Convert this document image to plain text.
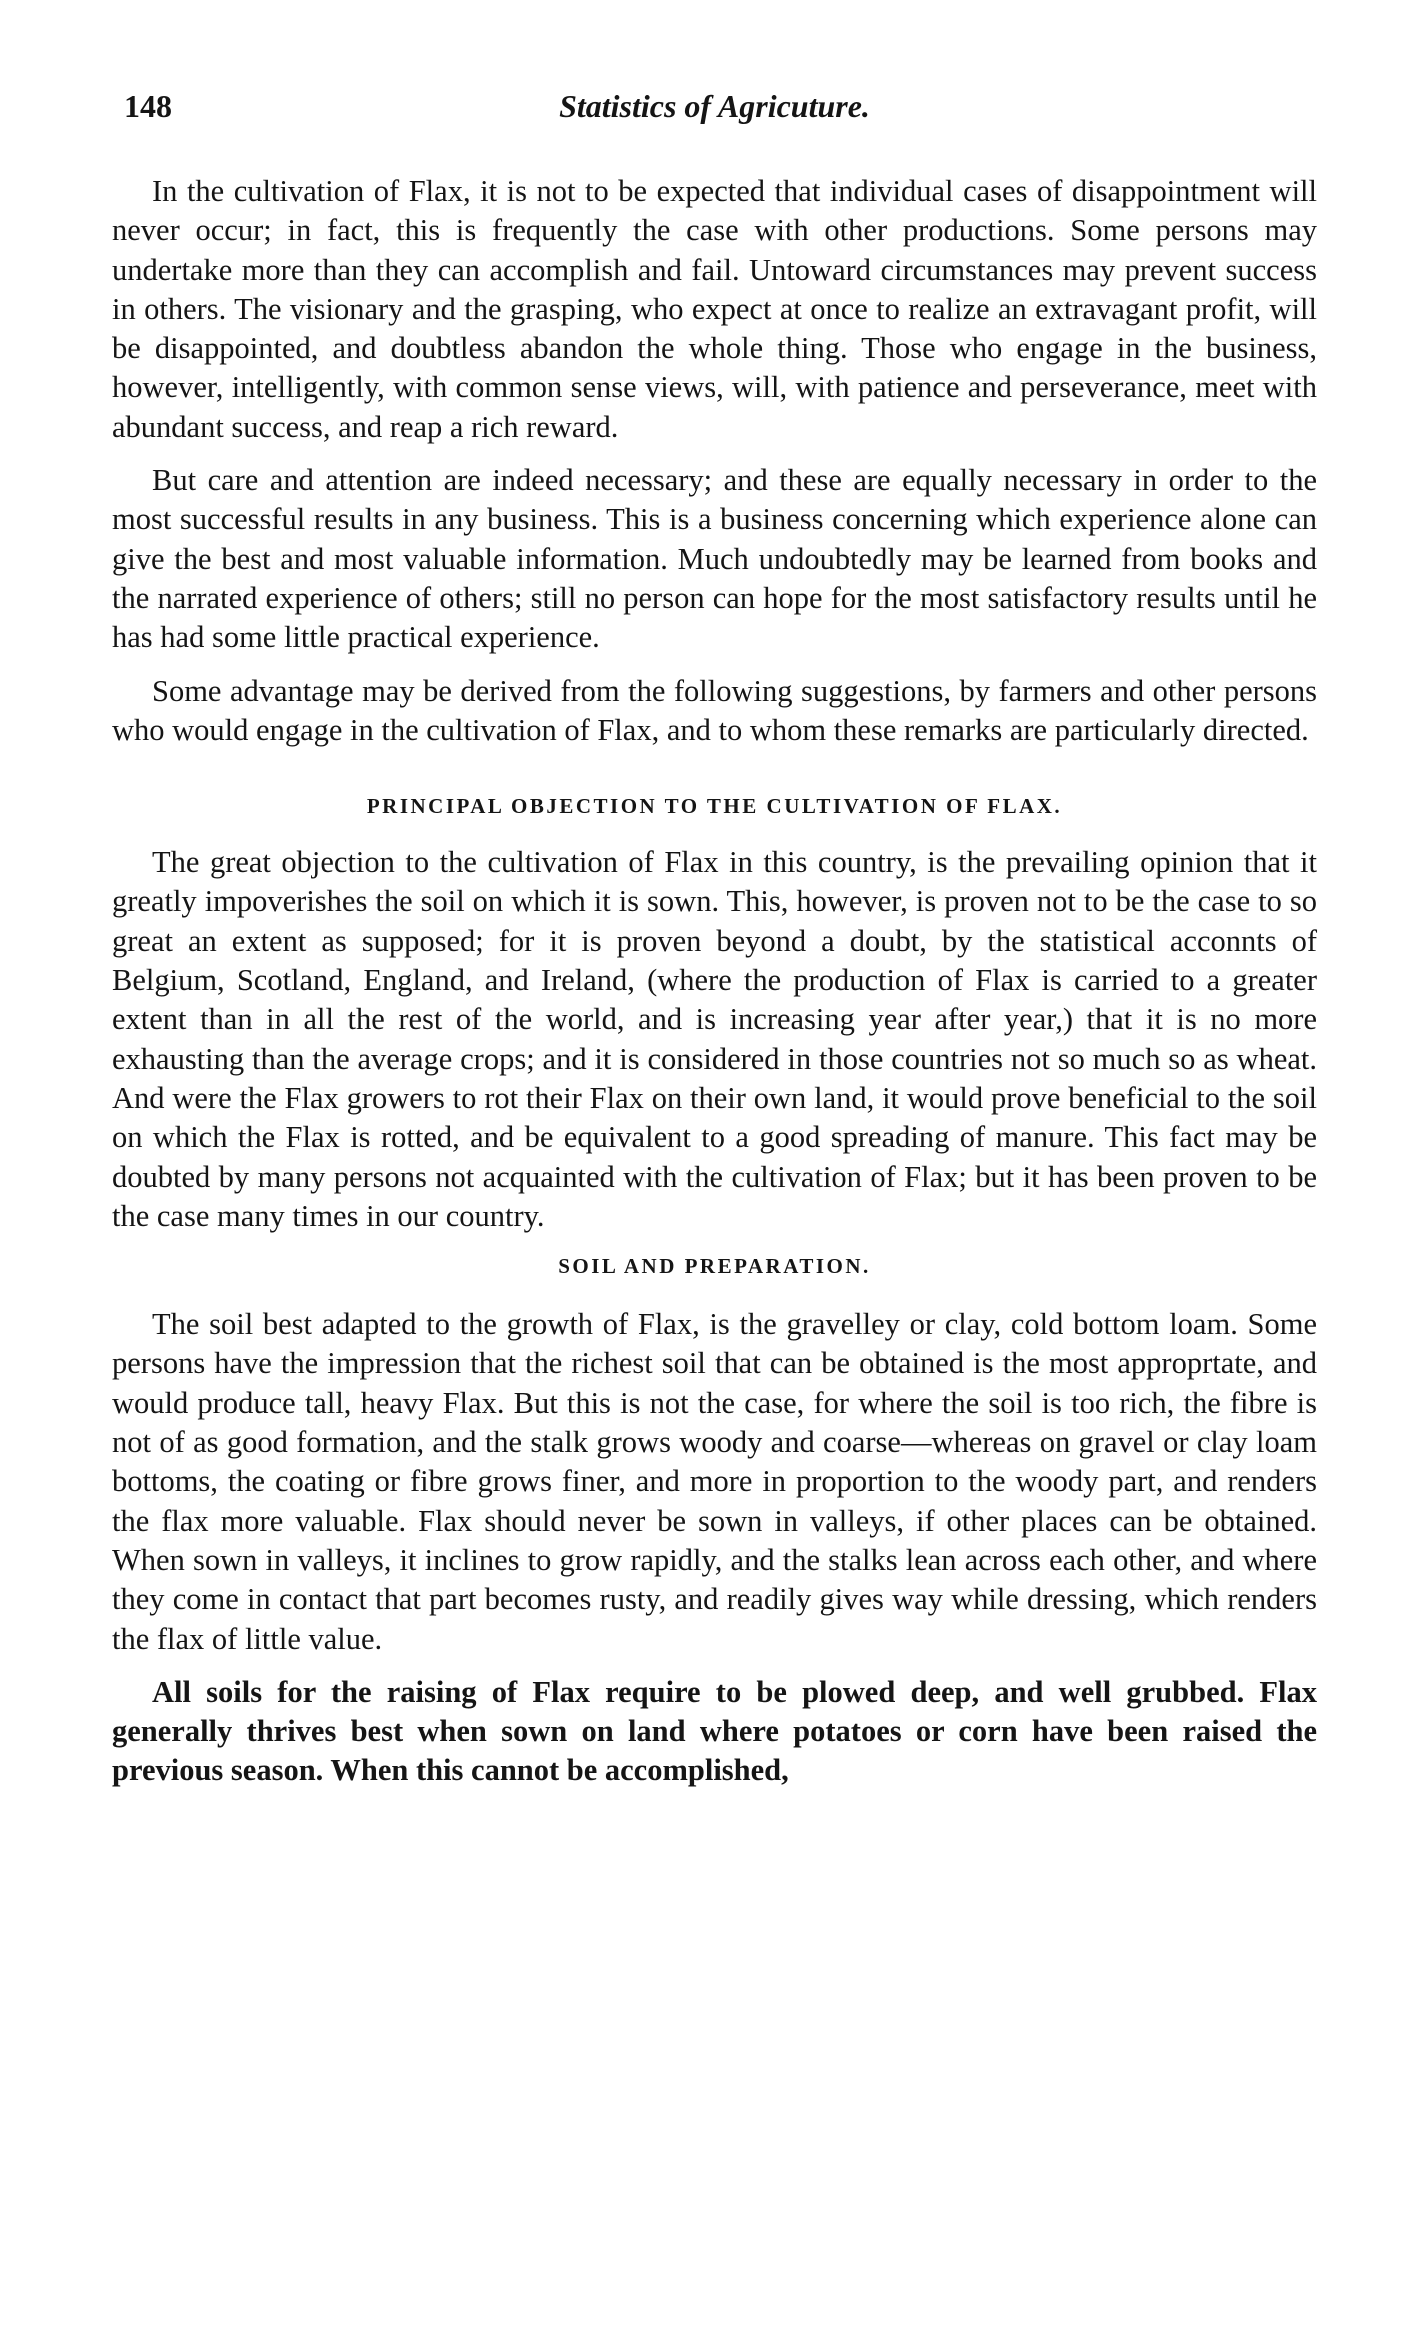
148	Statistics of Agricuture.

In the cultivation of Flax, it is not to be expected that individual cases of disappointment will never occur; in fact, this is frequently the case with other productions. Some persons may undertake more than they can accomplish and fail. Untoward circumstances may prevent success in others. The visionary and the grasping, who expect at once to realize an extravagant profit, will be disappointed, and doubtless abandon the whole thing. Those who engage in the business, however, intelligently, with common sense views, will, with patience and perseverance, meet with abundant success, and reap a rich reward.

But care and attention are indeed necessary; and these are equally necessary in order to the most successful results in any business. This is a business concerning which experience alone can give the best and most valuable information. Much undoubtedly may be learned from books and the narrated experience of others; still no person can hope for the most satisfactory results until he has had some little practical experience.

Some advantage may be derived from the following suggestions, by farmers and other persons who would engage in the cultivation of Flax, and to whom these remarks are particularly directed.

PRINCIPAL OBJECTION TO THE CULTIVATION OF FLAX.

The great objection to the cultivation of Flax in this country, is the prevailing opinion that it greatly impoverishes the soil on which it is sown. This, however, is proven not to be the case to so great an extent as supposed; for it is proven beyond a doubt, by the statistical acconnts of Belgium, Scotland, England, and Ireland, (where the production of Flax is carried to a greater extent than in all the rest of the world, and is increasing year after year,) that it is no more exhausting than the average crops; and it is considered in those countries not so much so as wheat. And were the Flax growers to rot their Flax on their own land, it would prove beneficial to the soil on which the Flax is rotted, and be equivalent to a good spreading of manure. This fact may be doubted by many persons not acquainted with the cultivation of Flax; but it has been proven to be the case many times in our country.

SOIL AND PREPARATION.

The soil best adapted to the growth of Flax, is the gravelley or clay, cold bottom loam. Some persons have the impression that the richest soil that can be obtained is the most approprtate, and would produce tall, heavy Flax. But this is not the case, for where the soil is too rich, the fibre is not of as good formation, and the stalk grows woody and coarse—whereas on gravel or clay loam bottoms, the coating or fibre grows finer, and more in proportion to the woody part, and renders the flax more valuable. Flax should never be sown in valleys, if other places can be obtained. When sown in valleys, it inclines to grow rapidly, and the stalks lean across each other, and where they come in contact that part becomes rusty, and readily gives way while dressing, which renders the flax of little value.

All soils for the raising of Flax require to be plowed deep, and well grubbed. Flax generally thrives best when sown on land where potatoes or corn have been raised the previous season. When this cannot be accomplished,
